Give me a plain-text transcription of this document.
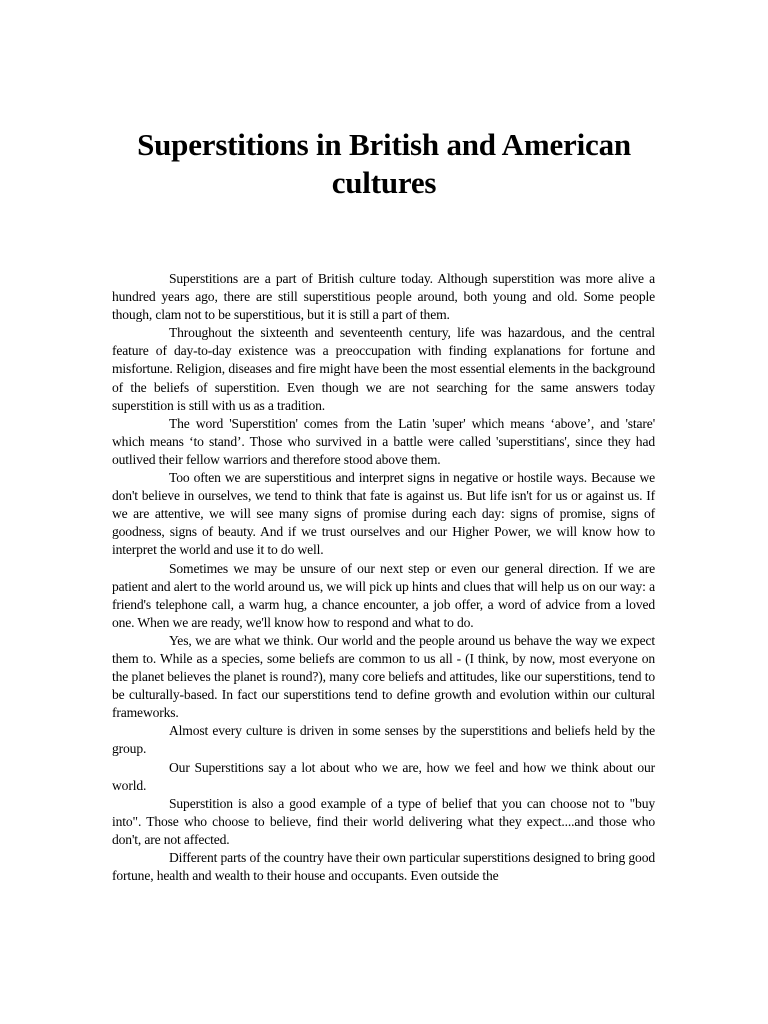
Superstitions in British and American cultures

Superstitions are a part of British culture today. Although superstition was more alive a hundred years ago, there are still superstitious people around, both young and old. Some people though, clam not to be superstitious, but it is still a part of them.

Throughout the sixteenth and seventeenth century, life was hazardous, and the central feature of day-to-day existence was a preoccupation with finding explanations for fortune and misfortune. Religion, diseases and fire might have been the most essential elements in the background of the beliefs of superstition. Even though we are not searching for the same answers today superstition is still with us as a tradition.

The word 'Superstition' comes from the Latin 'super' which means ‘above’, and 'stare' which means ‘to stand’. Those who survived in a battle were called 'superstitians', since they had outlived their fellow warriors and therefore stood above them.

Too often we are superstitious and interpret signs in negative or hostile ways. Because we don't believe in ourselves, we tend to think that fate is against us. But life isn't for us or against us. If we are attentive, we will see many signs of promise during each day: signs of promise, signs of goodness, signs of beauty. And if we trust ourselves and our Higher Power, we will know how to interpret the world and use it to do well.

Sometimes we may be unsure of our next step or even our general direction. If we are patient and alert to the world around us, we will pick up hints and clues that will help us on our way: a friend's telephone call, a warm hug, a chance encounter, a job offer, a word of advice from a loved one. When we are ready, we'll know how to respond and what to do.

Yes, we are what we think. Our world and the people around us behave the way we expect them to. While as a species, some beliefs are common to us all - (I think, by now, most everyone on the planet believes the planet is round?), many core beliefs and attitudes, like our superstitions, tend to be culturally-based. In fact our superstitions tend to define growth and evolution within our cultural frameworks.

Almost every culture is driven in some senses by the superstitions and beliefs held by the group.

Our Superstitions say a lot about who we are, how we feel and how we think about our world.

Superstition is also a good example of a type of belief that you can choose not to "buy into". Those who choose to believe, find their world delivering what they expect....and those who don't, are not affected.

Different parts of the country have their own particular superstitions designed to bring good fortune, health and wealth to their house and occupants. Even outside the
